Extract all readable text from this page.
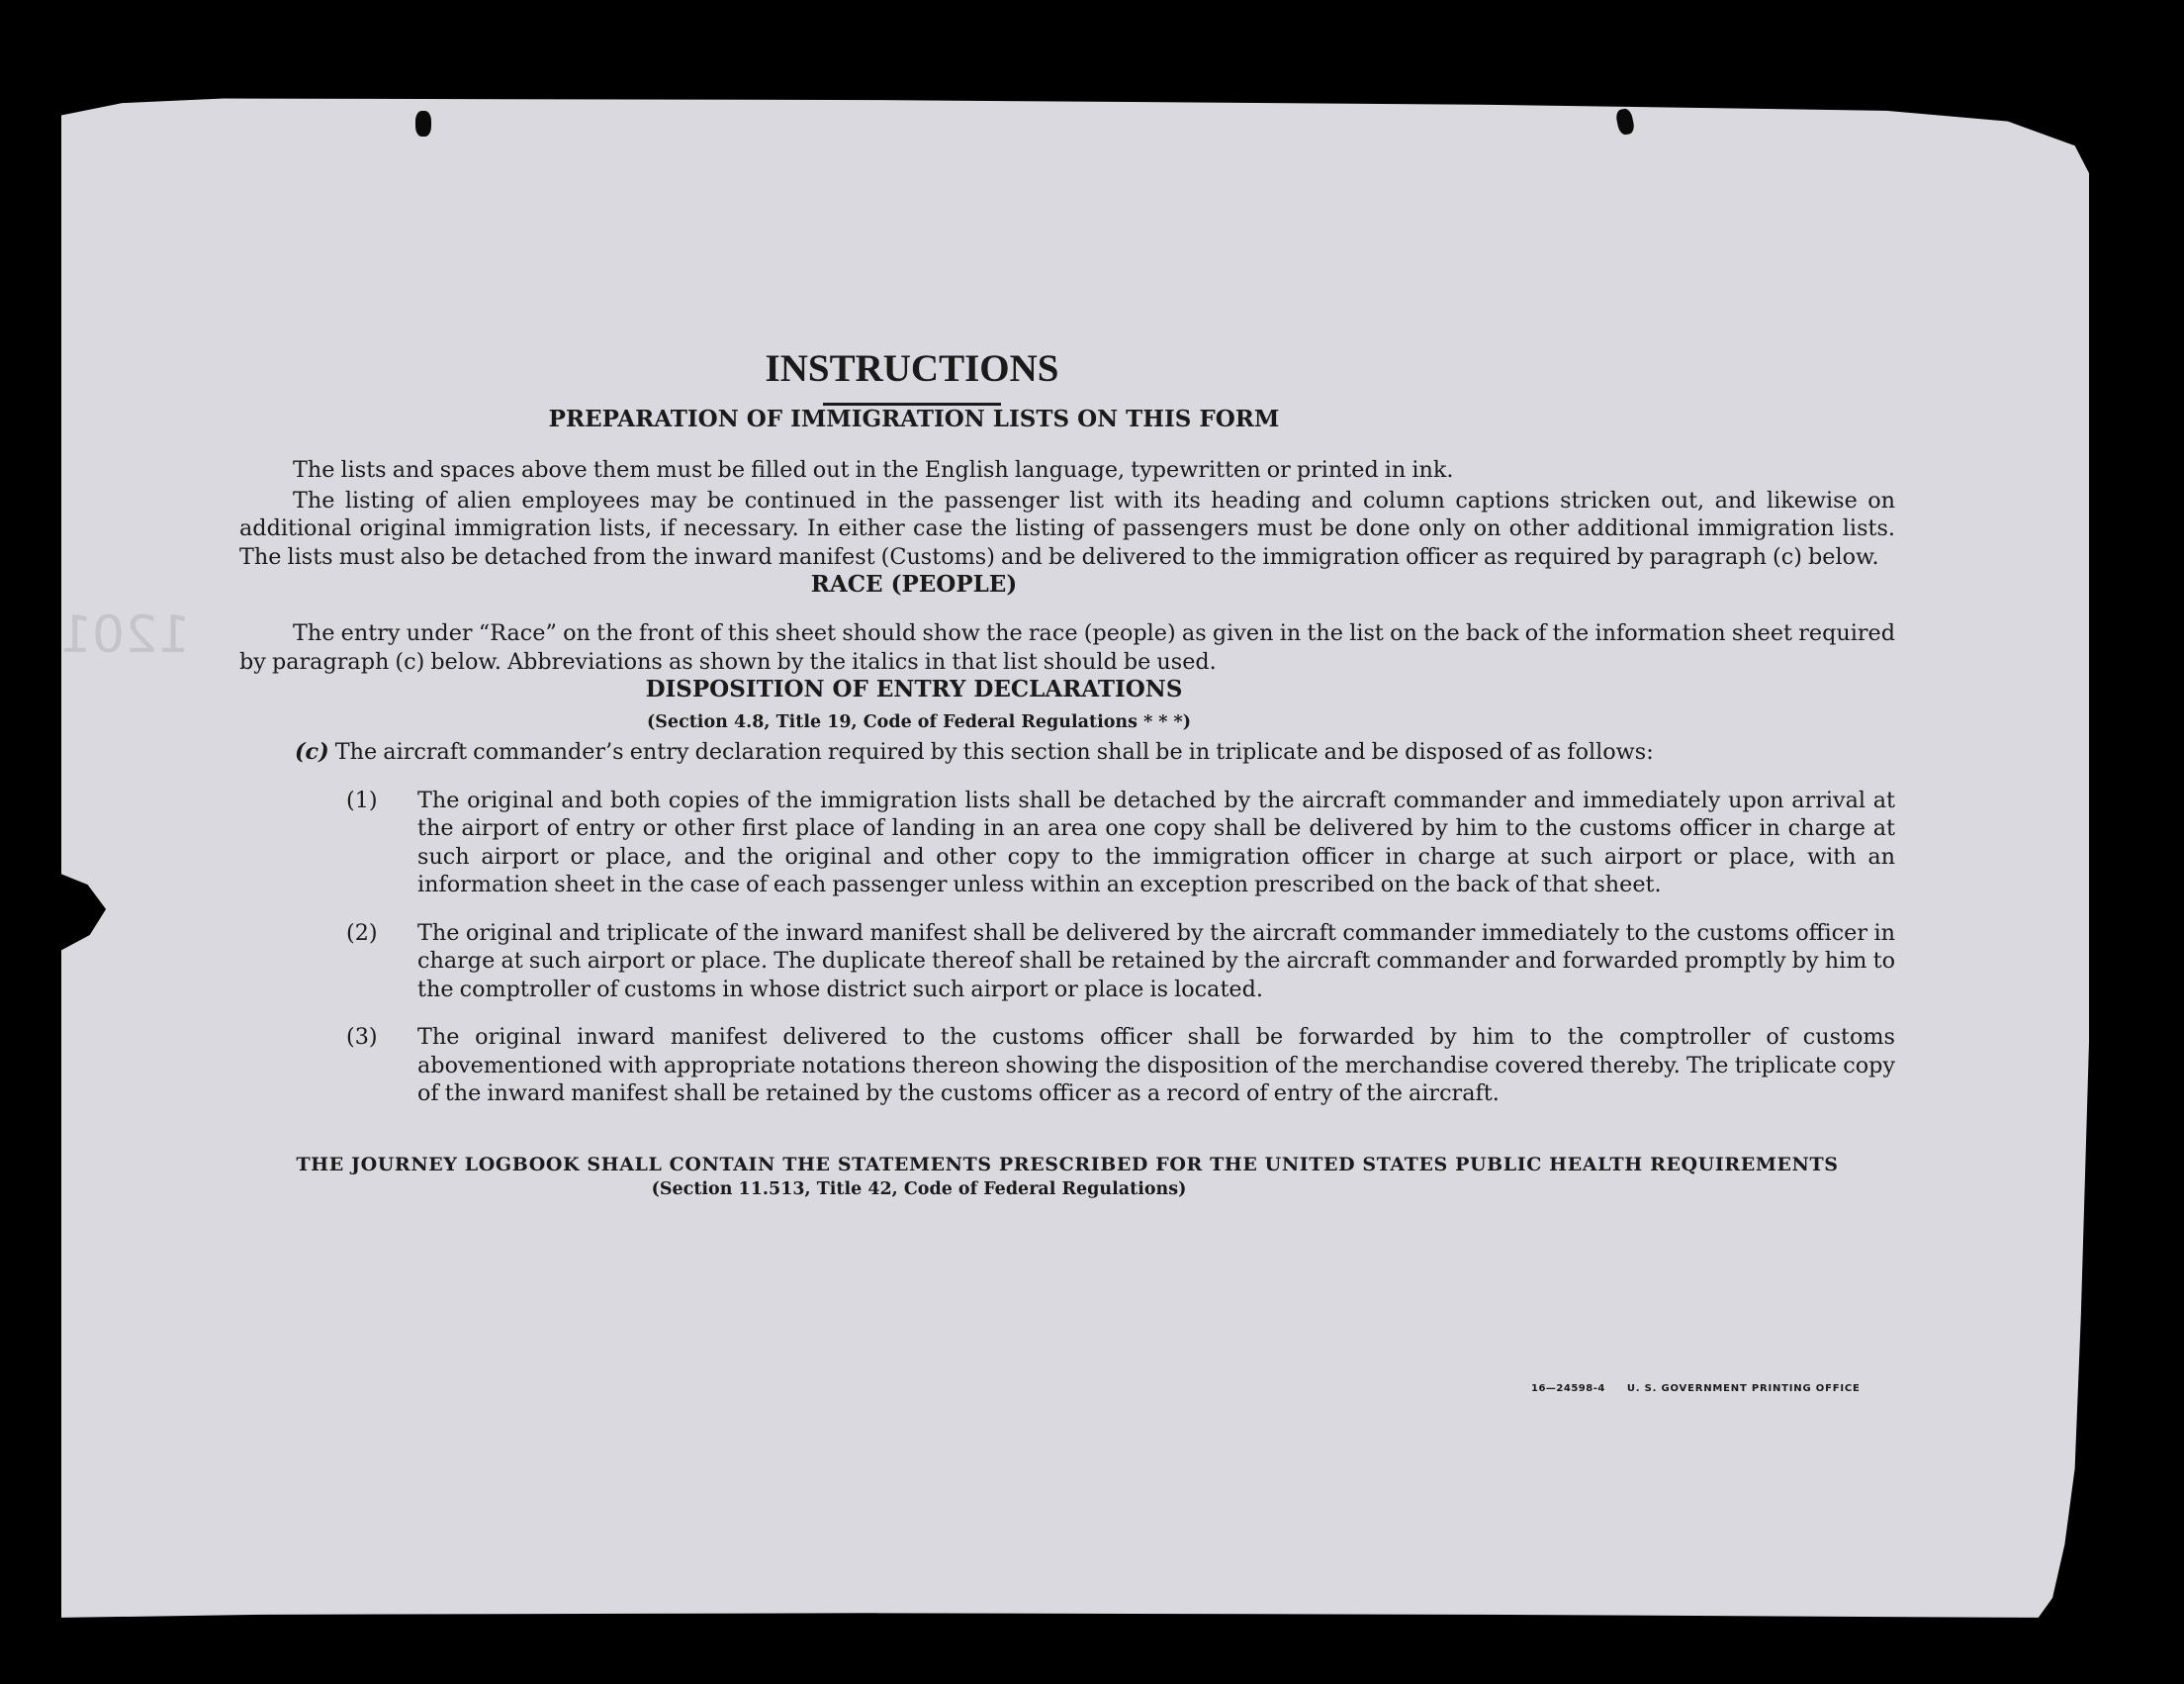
1201
INSTRUCTIONS
PREPARATION OF IMMIGRATION LISTS ON THIS FORM

The lists and spaces above them must be filled out in the English language, typewritten or printed in ink.

The listing of alien employees may be continued in the passenger list with its heading and column captions stricken out, and likewise on additional original immigration lists, if necessary. In either case the listing of passengers must be done only on other additional immigration lists. The lists must also be detached from the inward manifest (Customs) and be delivered to the immigration officer as required by paragraph (c) below.

RACE (PEOPLE)

The entry under “Race” on the front of this sheet should show the race (people) as given in the list on the back of the information sheet required by paragraph (c) below. Abbreviations as shown by the italics in that list should be used.

DISPOSITION OF ENTRY DECLARATIONS
(Section 4.8, Title 19, Code of Federal Regulations * * *)

(c) The aircraft commander’s entry declaration required by this section shall be in triplicate and be disposed of as follows:

(1) The original and both copies of the immigration lists shall be detached by the aircraft commander and immediately upon arrival at the airport of entry or other first place of landing in an area one copy shall be delivered by him to the customs officer in charge at such airport or place, and the original and other copy to the immigration officer in charge at such airport or place, with an information sheet in the case of each passenger unless within an exception prescribed on the back of that sheet.

(2) The original and triplicate of the inward manifest shall be delivered by the aircraft commander immediately to the customs officer in charge at such airport or place. The duplicate thereof shall be retained by the aircraft commander and forwarded promptly by him to the comptroller of customs in whose district such airport or place is located.

(3) The original inward manifest delivered to the customs officer shall be forwarded by him to the comptroller of customs abovementioned with appropriate notations thereon showing the disposition of the merchandise covered thereby. The triplicate copy of the inward manifest shall be retained by the customs officer as a record of entry of the aircraft.

THE JOURNEY LOGBOOK SHALL CONTAIN THE STATEMENTS PRESCRIBED FOR THE UNITED STATES PUBLIC HEALTH REQUIREMENTS
(Section 11.513, Title 42, Code of Federal Regulations)
16—24598-4 U. S. GOVERNMENT PRINTING OFFICE
